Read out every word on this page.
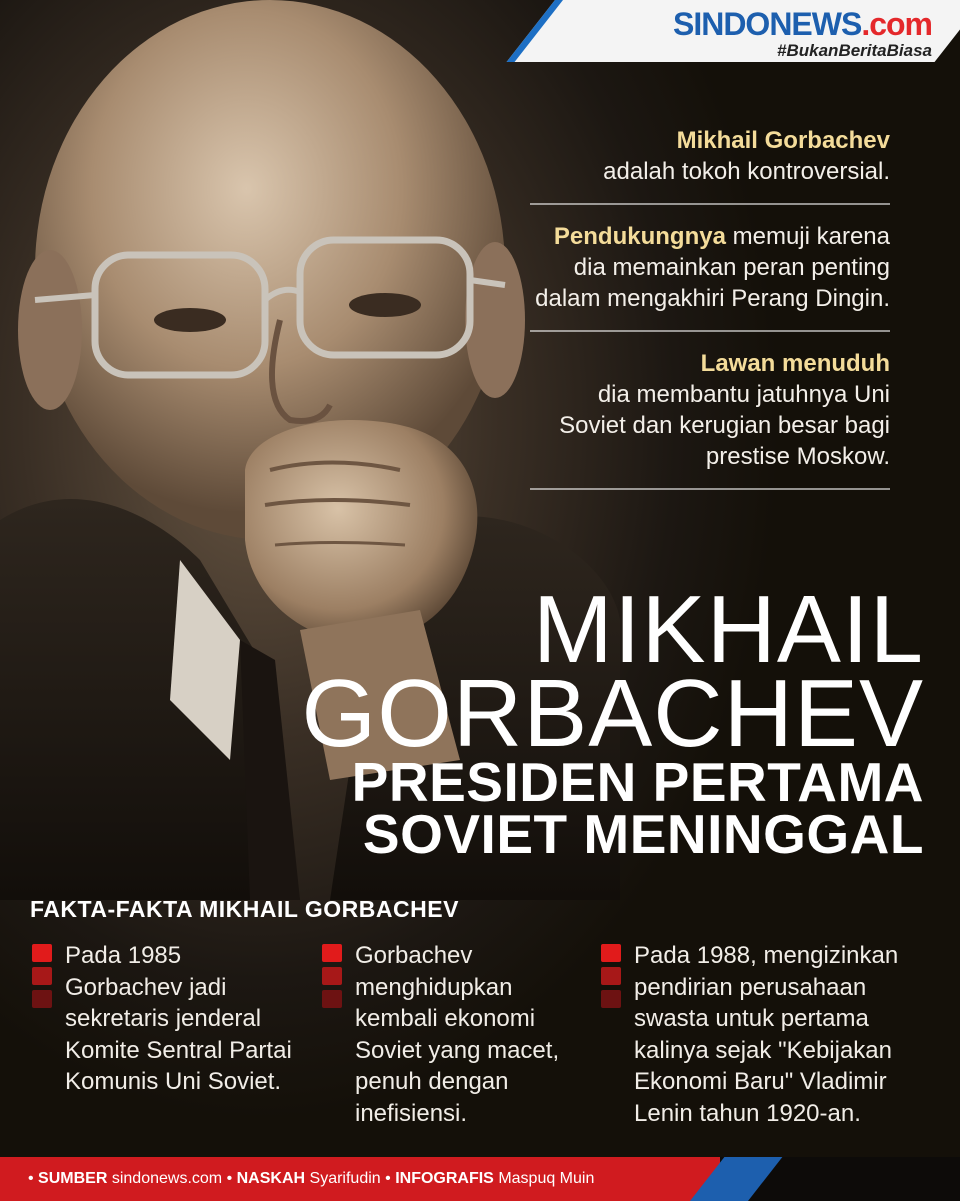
SINDONEWS.com
#BukanBeritaBiasa

Mikhail Gorbachev
adalah tokoh kontroversial.

Pendukungnya memuji karena dia memainkan peran penting dalam mengakhiri Perang Dingin.

Lawan menuduh
dia membantu jatuhnya Uni Soviet dan kerugian besar bagi prestise Moskow.

MIKHAIL
GORBACHEV
PRESIDEN PERTAMA
SOVIET MENINGGAL
FAKTA-FAKTA MIKHAIL GORBACHEV
Pada 1985 Gorbachev jadi sekretaris jenderal Komite Sentral Partai Komunis Uni Soviet.
Gorbachev menghidupkan kembali ekonomi Soviet yang macet, penuh dengan inefisiensi.
Pada 1988, mengizinkan pendirian perusahaan swasta untuk pertama kalinya sejak "Kebijakan Ekonomi Baru" Vladimir Lenin tahun 1920-an.
• SUMBER sindonews.com • NASKAH Syarifudin • INFOGRAFIS Maspuq Muin
